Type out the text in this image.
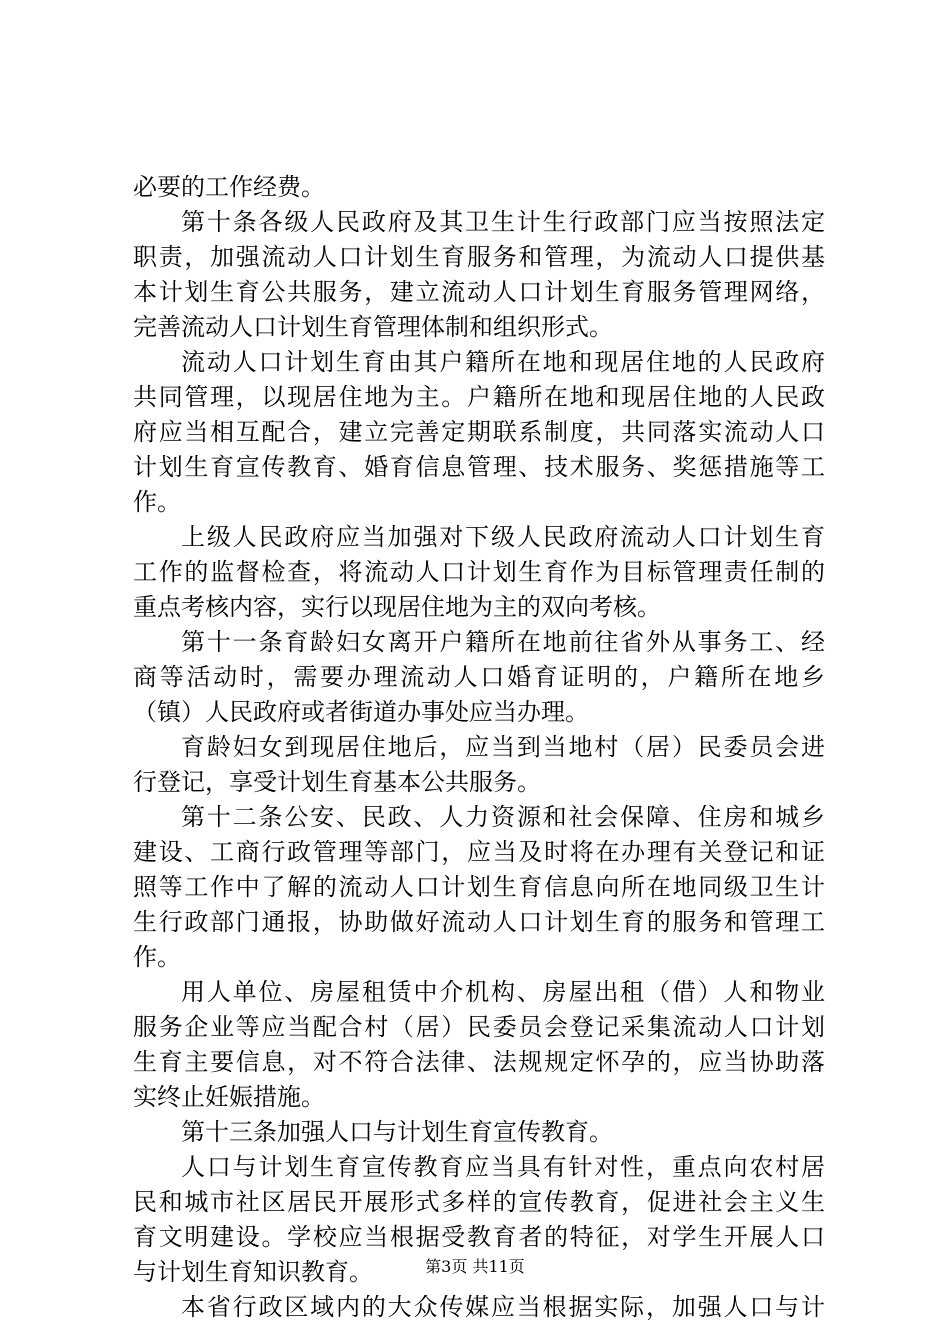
必要的工作经费。
第十条各级人民政府及其卫生计生行政部门应当按照法定
职责，加强流动人口计划生育服务和管理，为流动人口提供基
本计划生育公共服务，建立流动人口计划生育服务管理网络，
完善流动人口计划生育管理体制和组织形式。
流动人口计划生育由其户籍所在地和现居住地的人民政府
共同管理，以现居住地为主。户籍所在地和现居住地的人民政
府应当相互配合，建立完善定期联系制度，共同落实流动人口
计划生育宣传教育、婚育信息管理、技术服务、奖惩措施等工
作。
上级人民政府应当加强对下级人民政府流动人口计划生育
工作的监督检查，将流动人口计划生育作为目标管理责任制的
重点考核内容，实行以现居住地为主的双向考核。
第十一条育龄妇女离开户籍所在地前往省外从事务工、经
商等活动时，需要办理流动人口婚育证明的，户籍所在地乡
（镇）人民政府或者街道办事处应当办理。
育龄妇女到现居住地后，应当到当地村（居）民委员会进
行登记，享受计划生育基本公共服务。
第十二条公安、民政、人力资源和社会保障、住房和城乡
建设、工商行政管理等部门，应当及时将在办理有关登记和证
照等工作中了解的流动人口计划生育信息向所在地同级卫生计
生行政部门通报，协助做好流动人口计划生育的服务和管理工
作。
用人单位、房屋租赁中介机构、房屋出租（借）人和物业
服务企业等应当配合村（居）民委员会登记采集流动人口计划
生育主要信息，对不符合法律、法规规定怀孕的，应当协助落
实终止妊娠措施。
第十三条加强人口与计划生育宣传教育。
人口与计划生育宣传教育应当具有针对性，重点向农村居
民和城市社区居民开展形式多样的宣传教育，促进社会主义生
育文明建设。学校应当根据受教育者的特征，对学生开展人口
与计划生育知识教育。
本省行政区域内的大众传媒应当根据实际，加强人口与计
第3页 共11页
